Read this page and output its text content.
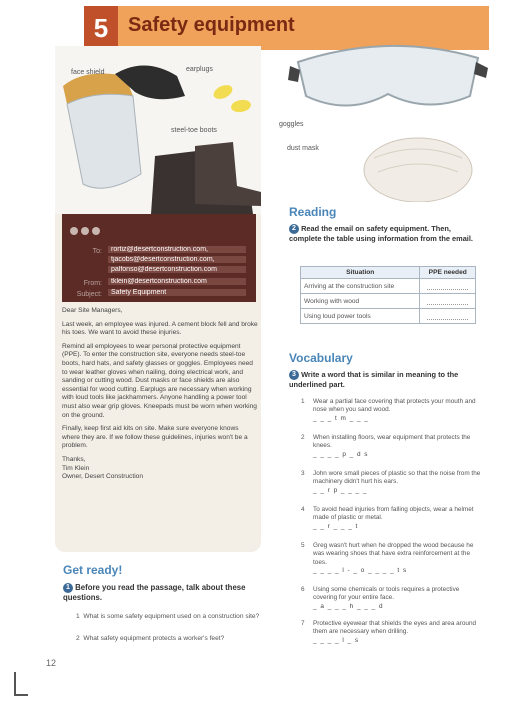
5 Safety equipment
face shield	earplugs
steel-toe boots
To: rortiz@desertconstruction.com,
tjacobs@desertconstruction.com,
palfonso@desertconstruction.com
From: tklein@desertconstruction.com
Subject: Safety Equipment

Dear Site Managers,

Last week, an employee was injured. A cement block fell and broke his toes. We want to avoid these injuries.

Remind all employees to wear personal protective equipment (PPE). To enter the construction site, everyone needs steel-toe boots, hard hats, and safety glasses or goggles. Employees need to wear leather gloves when nailing, doing electrical work, and sanding or cutting wood. Dust masks or face shields are also essential for wood cutting. Earplugs are necessary when working with loud tools like jackhammers. Anyone handling a power tool must also wear grip gloves. Kneepads must be worn when working on the ground.

Finally, keep first aid kits on site. Make sure everyone knows where they are. If we follow these guidelines, injuries won't be a problem.

Thanks,
Tim Klein
Owner, Desert Construction
Get ready!
1 Before you read the passage, talk about these questions.
1 What is some safety equipment used on a construction site?
2 What safety equipment protects a worker's feet?
12
goggles
dust mask
Reading
2 Read the email on safety equipment. Then, complete the table using information from the email.
Situation	PPE needed
Arriving at the construction site	

Working with wood	

Using loud power tools	
Vocabulary
3 Write a word that is similar in meaning to the underlined part.
1 Wear a partial face covering that protects your mouth and nose when you sand wood.
_ _ _ t m _ _ _
2 When installing floors, wear equipment that protects the knees.
_ _ _ _ p _ d s
3 John wore small pieces of plastic so that the noise from the machinery didn't hurt his ears.
_ _ r p _ _ _ _
4 To avoid head injuries from falling objects, wear a helmet made of plastic or metal.
_ _ r _ _ _ t
5 Greg wasn't hurt when he dropped the wood because he was wearing shoes that have extra reinforcement at the toes.
_ _ _ _ l - _ o _ _ _ _ t s
6 Using some chemicals or tools requires a protective covering for your entire face.
_ a _ _ _ h _ _ _ d
7 Protective eyewear that shields the eyes and area around them are necessary when drilling.
_ _ _ _ l _ s
